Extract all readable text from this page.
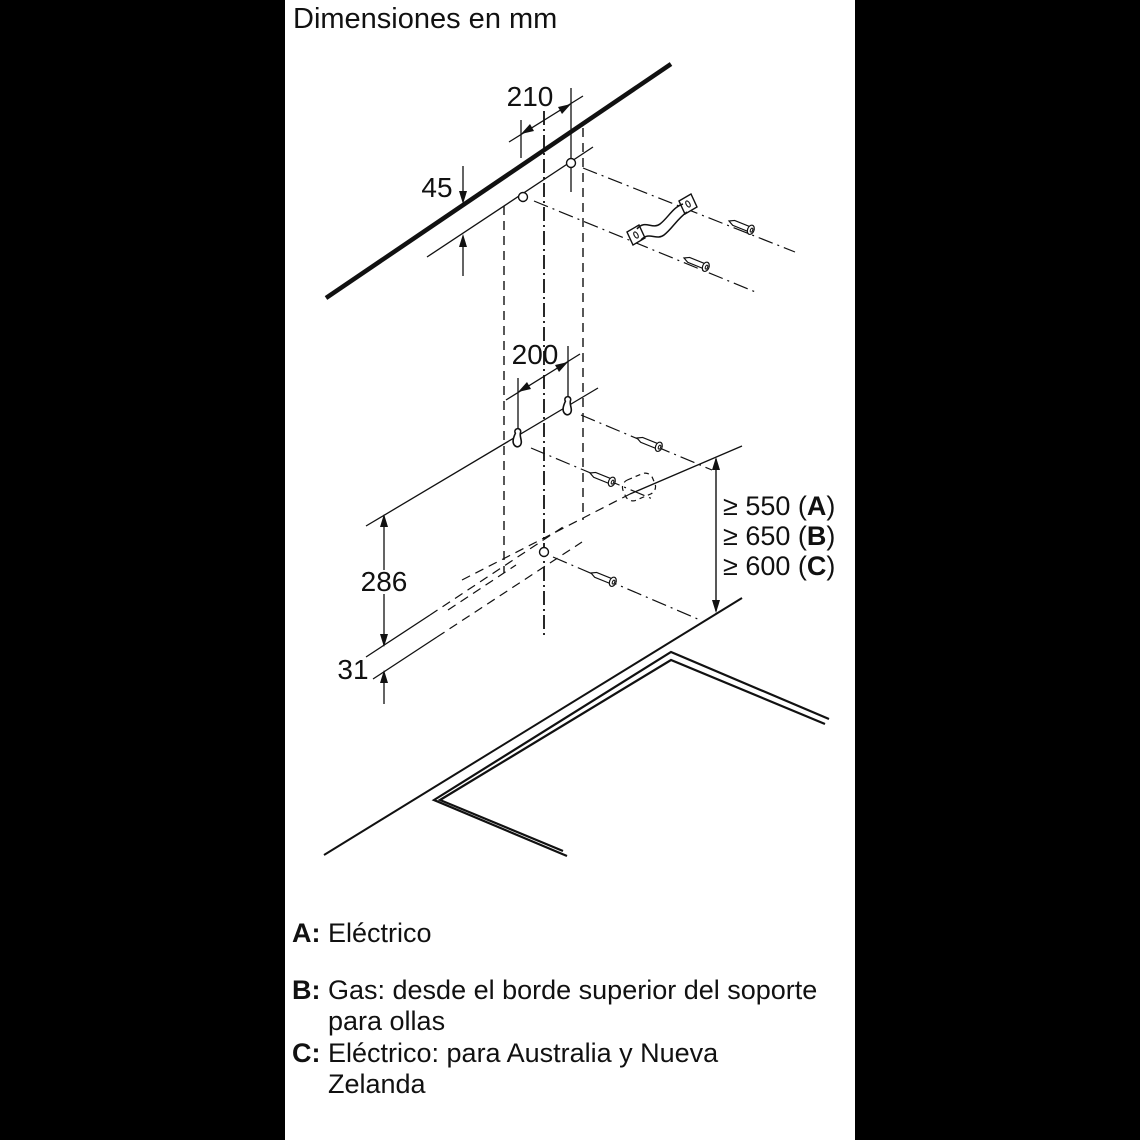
Dimensiones en mm
210
45
200
286
31
≥ 550 (A)
≥ 650 (B)
≥ 600 (C)
A: Eléctrico
B: Gas: desde el borde superior del soporte
para ollas
C: Eléctrico: para Australia y Nueva
Zelanda
